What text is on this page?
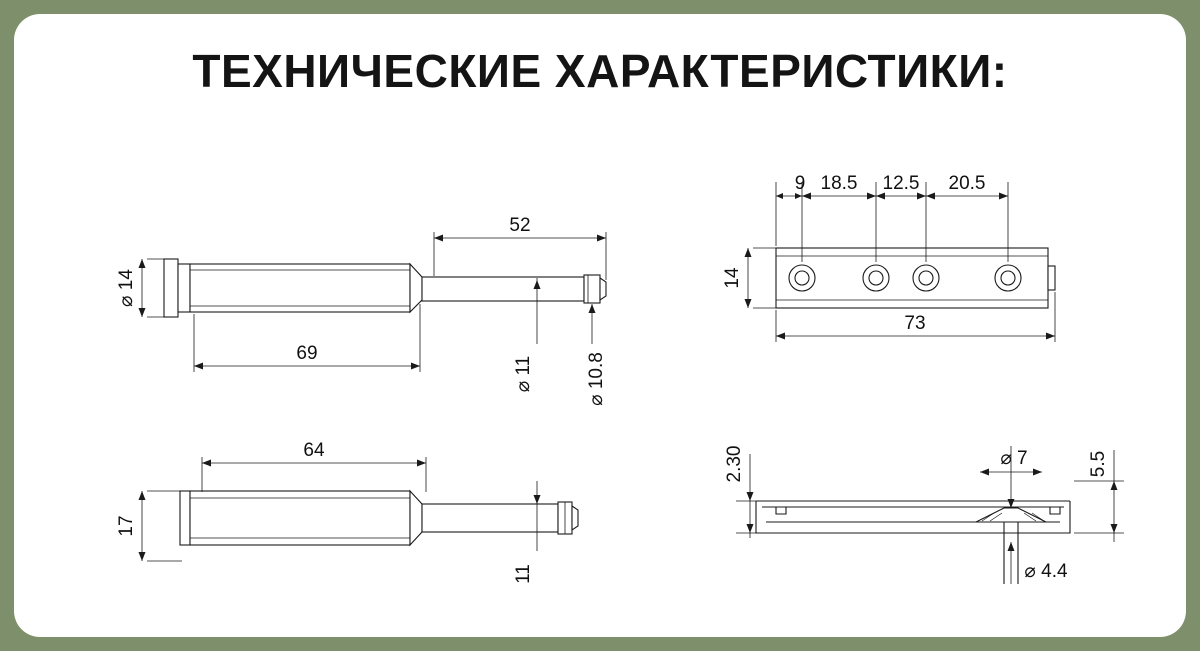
ТЕХНИЧЕСКИЕ ХАРАКТЕРИСТИКИ:
⌀ 14
69
52
⌀ 11	⌀ 10.8
9 18.5 12.5 20.5
14
73
64
17
11
2.30	⌀ 7
⌀ 4.4
5.5
